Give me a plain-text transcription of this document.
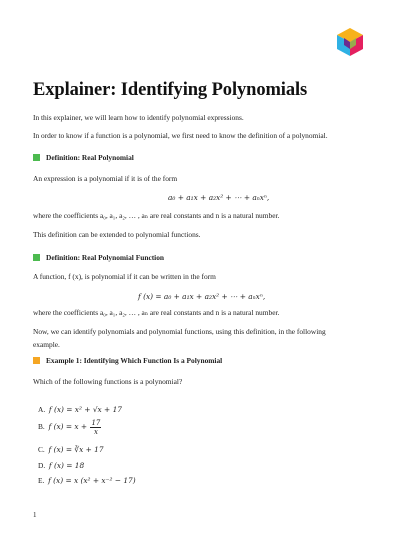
Explainer: Identifying Polynomials

In this explainer, we will learn how to identify polynomial expressions.

In order to know if a function is a polynomial, we first need to know the definition of a polynomial.

Definition: Real Polynomial

An expression is a polynomial if it is of the form

a₀ + a₁x + a₂x² + ⋯ + aₙxⁿ,

where the coefficients a₀, a₁, a₂, … , aₙ are real constants and n is a natural number.

This definition can be extended to polynomial functions.

Definition: Real Polynomial Function

A function, f (x), is polynomial if it can be written in the form

f (x) = a₀ + a₁x + a₂x² + ⋯ + aₙxⁿ,

where the coefficients a₀, a₁, a₂, … , aₙ are real constants and n is a natural number.

Now, we can identify polynomials and polynomial functions, using this definition, in the following

example.

Example 1: Identifying Which Function Is a Polynomial

Which of the following functions is a polynomial?

A. f (x) = x² + √x + 17
B. f $(x) = x + \frac{17}{x}$
C. f (x) = ∛x + 17
D. f (x) = 18
E. f (x) = x (x² + x⁻² − 17)
1
